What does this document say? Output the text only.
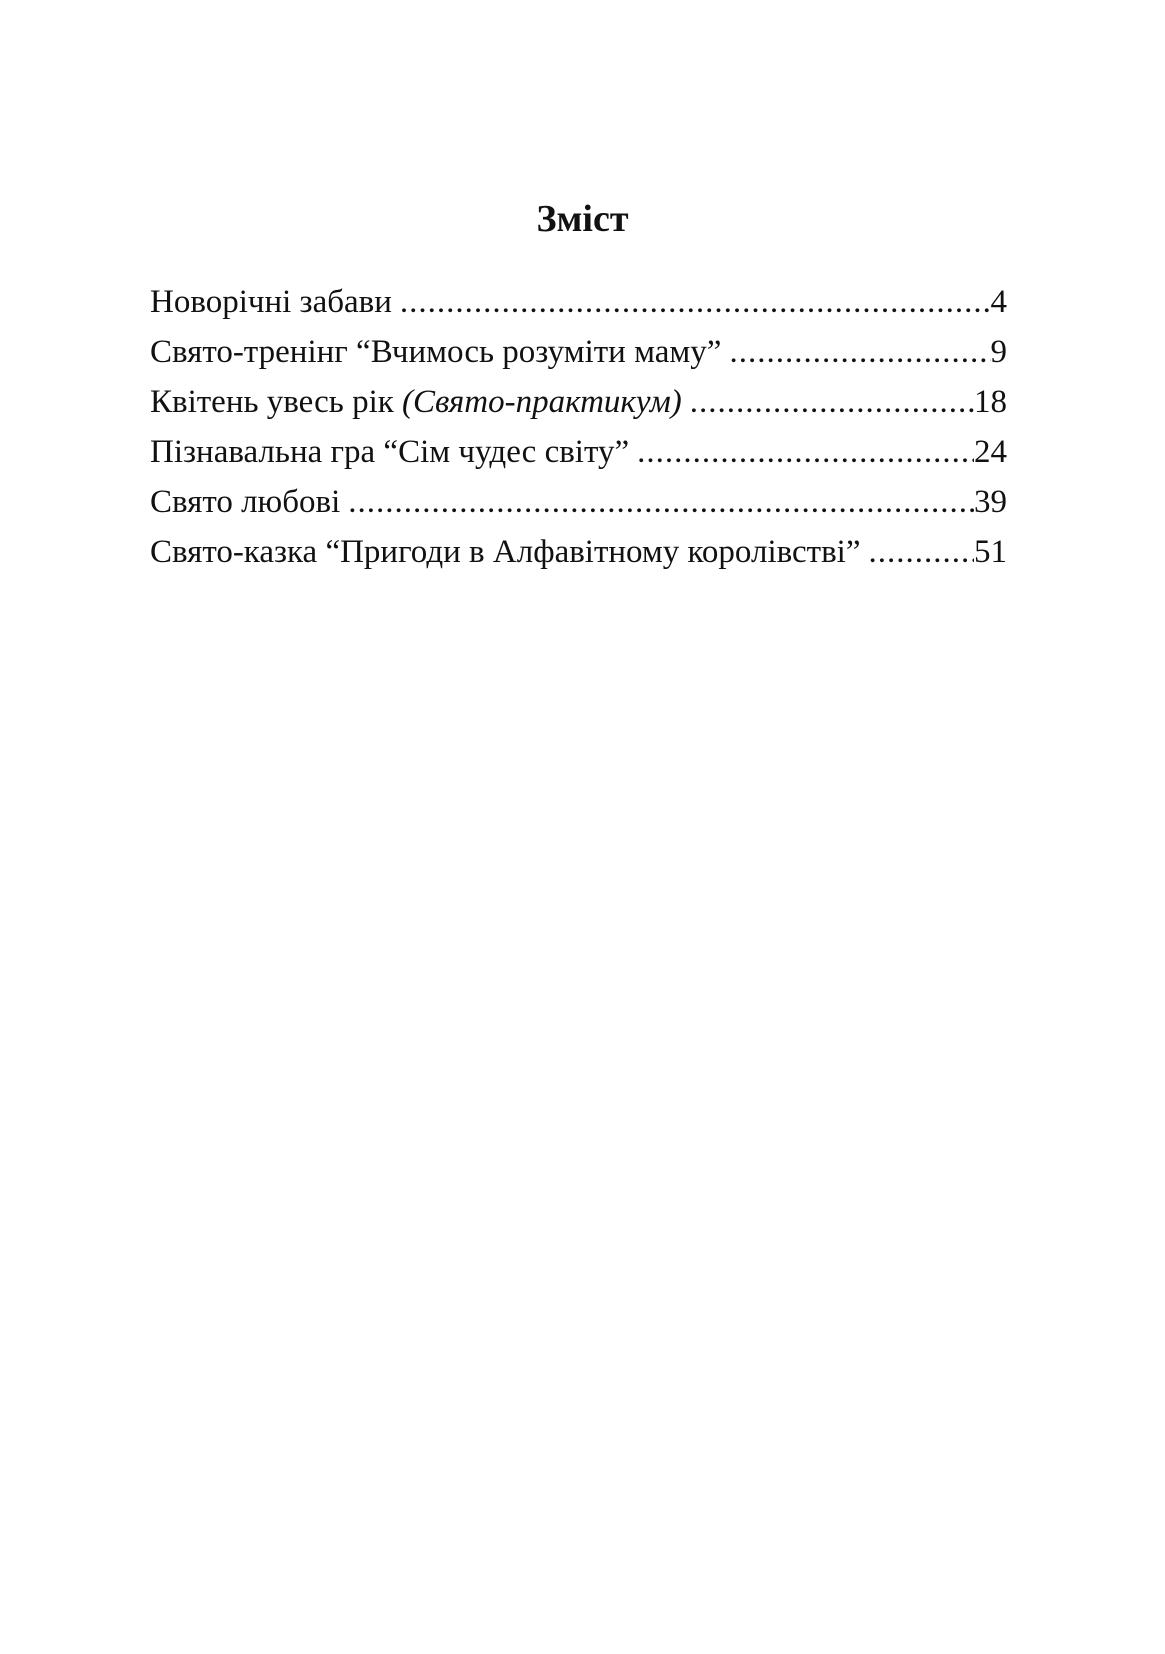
Зміст
Новорічні забави .....	4
Свято-тренінг “Вчимось розуміти маму” .....	9
Квітень увесь рік (Свято-практикум) .....	18
Пізнавальна гра “Сім чудес світу” .....	24
Свято любові .....	39
Свято-казка “Пригоди в Алфавітному королівстві” .....	51
